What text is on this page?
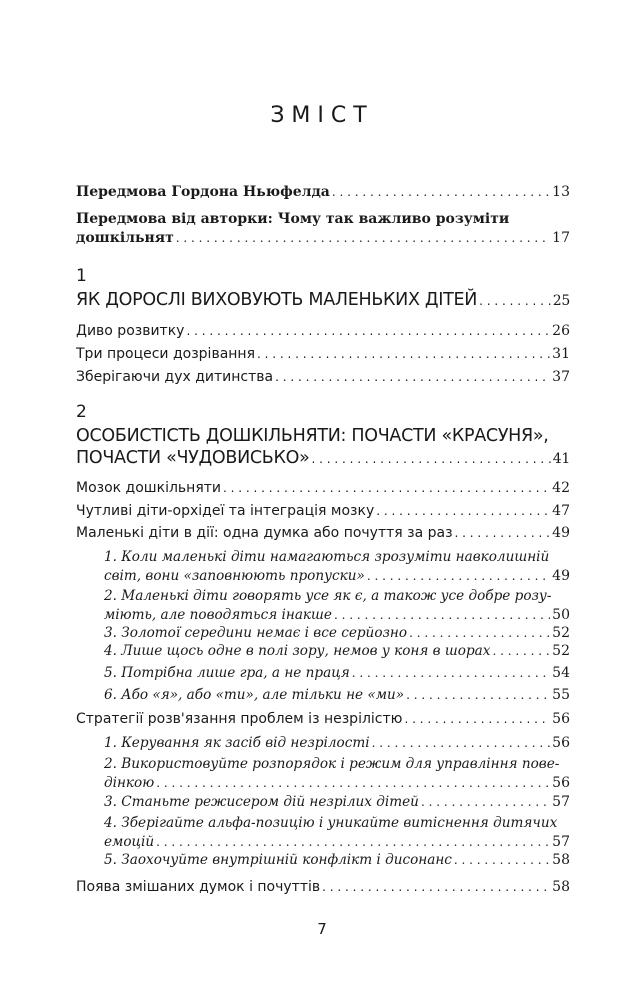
ЗМІСТ
Передмова Гордона Ньюфелда . . .	13
Передмова від авторки: Чому так важливо розуміти
дошкільнят . . .	17
1
ЯК ДОРОСЛІ ВИХОВУЮТЬ МАЛЕНЬКИХ ДІТЕЙ . . .	25
Диво розвитку . . .	26
Три процеси дозрівання . . .	31
Зберігаючи дух дитинства . . .	37
2
ОСОБИСТІСТЬ ДОШКІЛЬНЯТИ: ПОЧАСТИ «КРАСУНЯ»,
ПОЧАСТИ «ЧУДОВИСЬКО» . . .	41
Мозок дошкільняти . . .	42
Чутливі діти-орхідеї та інтеграція мозку . . .	47
Маленькі діти в дії: одна думка або почуття за раз . . .	49
1. Коли маленькі діти намагаються зрозуміти навколишній
світ, вони «заповнюють пропуски» . . .	49
2. Маленькі діти говорять усе як є, а також усе добре розу-
міють, але поводяться інакше . . .	50
3. Золотої середини немає і все серйозно . . .	52
4. Лише щось одне в полі зору, немов у коня в шорах . . .	52
5. Потрібна лише гра, а не праця . . .	54
6. Або «я», або «ти», але тільки не «ми» . . .	55
Стратегії розв'язання проблем із незрілістю . . .	56
1. Керування як засіб від незрілості . . .	56
2. Використовуйте розпорядок і режим для управління пове-
дінкою . . .	56
3. Станьте режисером дій незрілих дітей . . .	57
4. Зберігайте альфа-позицію і уникайте витіснення дитячих
емоцій . . .	57
5. Заохочуйте внутрішній конфлікт і дисонанс . . .	58
Поява змішаних думок і почуттів . . .	58
7
